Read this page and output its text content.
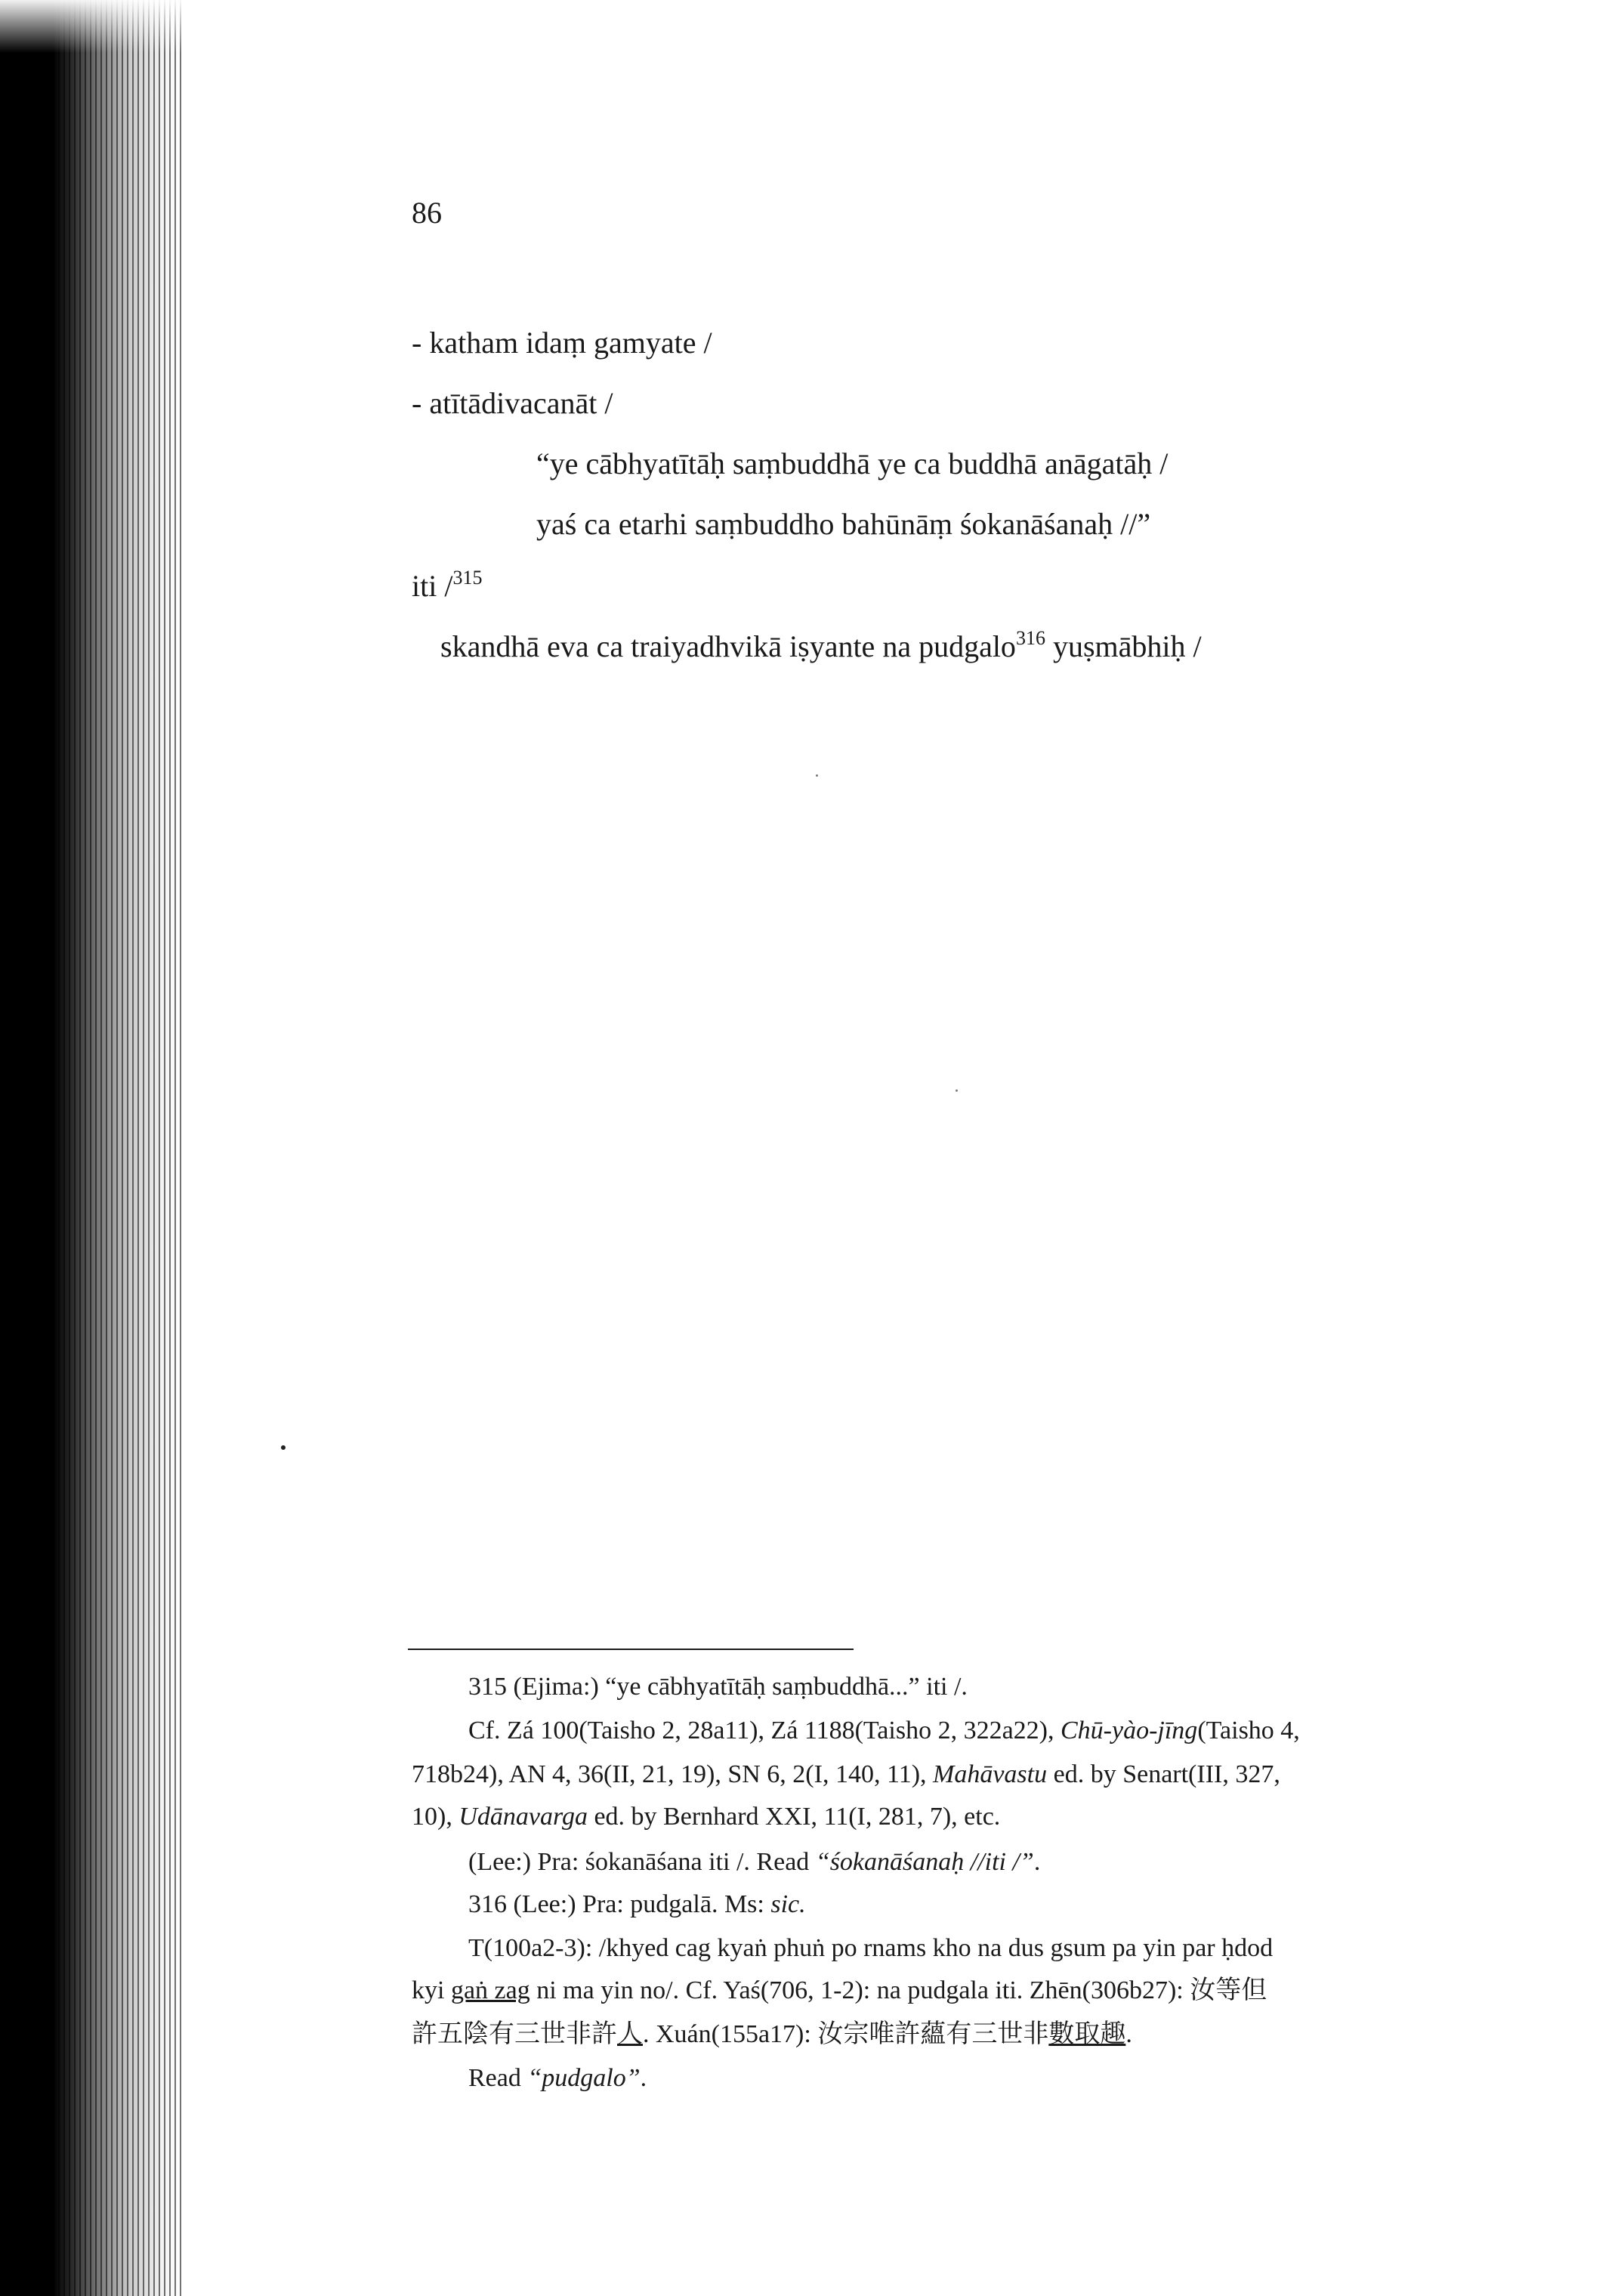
86
- katham idaṃ gamyate /
- atītādivacanāt /
“ye cābhyatītāḥ saṃbuddhā ye ca buddhā anāgatāḥ /
yaś ca etarhi saṃbuddho bahūnāṃ śokanāśanaḥ //”
iti /$^{315}$
skandhā eva ca traiyadhvikā iṣyante na pudgalo$^{316}$ yuṣmābhiḥ /
315 (Ejima:) “ye cābhyatītāḥ saṃbuddhā...” iti /.
Cf. Zá 100(Taisho 2, 28a11), Zá 1188(Taisho 2, 322a22), Chū-yào-jīng(Taisho 4,
718b24), AN 4, 36(II, 21, 19), SN 6, 2(I, 140, 11), Mahāvastu ed. by Senart(III, 327,
10), Udānavarga ed. by Bernhard XXI, 11(I, 281, 7), etc.
(Lee:) Pra: śokanāśana iti /. Read “śokanāśanaḥ //iti /”.
316 (Lee:) Pra: pudgalā. Ms: sic.
T(100a2-3): /khyed cag kyaṅ phuṅ po rnams kho na dus gsum pa yin par ḥdod
kyi gaṅ zag ni ma yin no/. Cf. Yaś(706, 1-2): na pudgala iti. Zhēn(306b27): 汝等但
許五陰有三世非許人. Xuán(155a17): 汝宗唯許蘊有三世非數取趣.
Read “pudgalo”.
